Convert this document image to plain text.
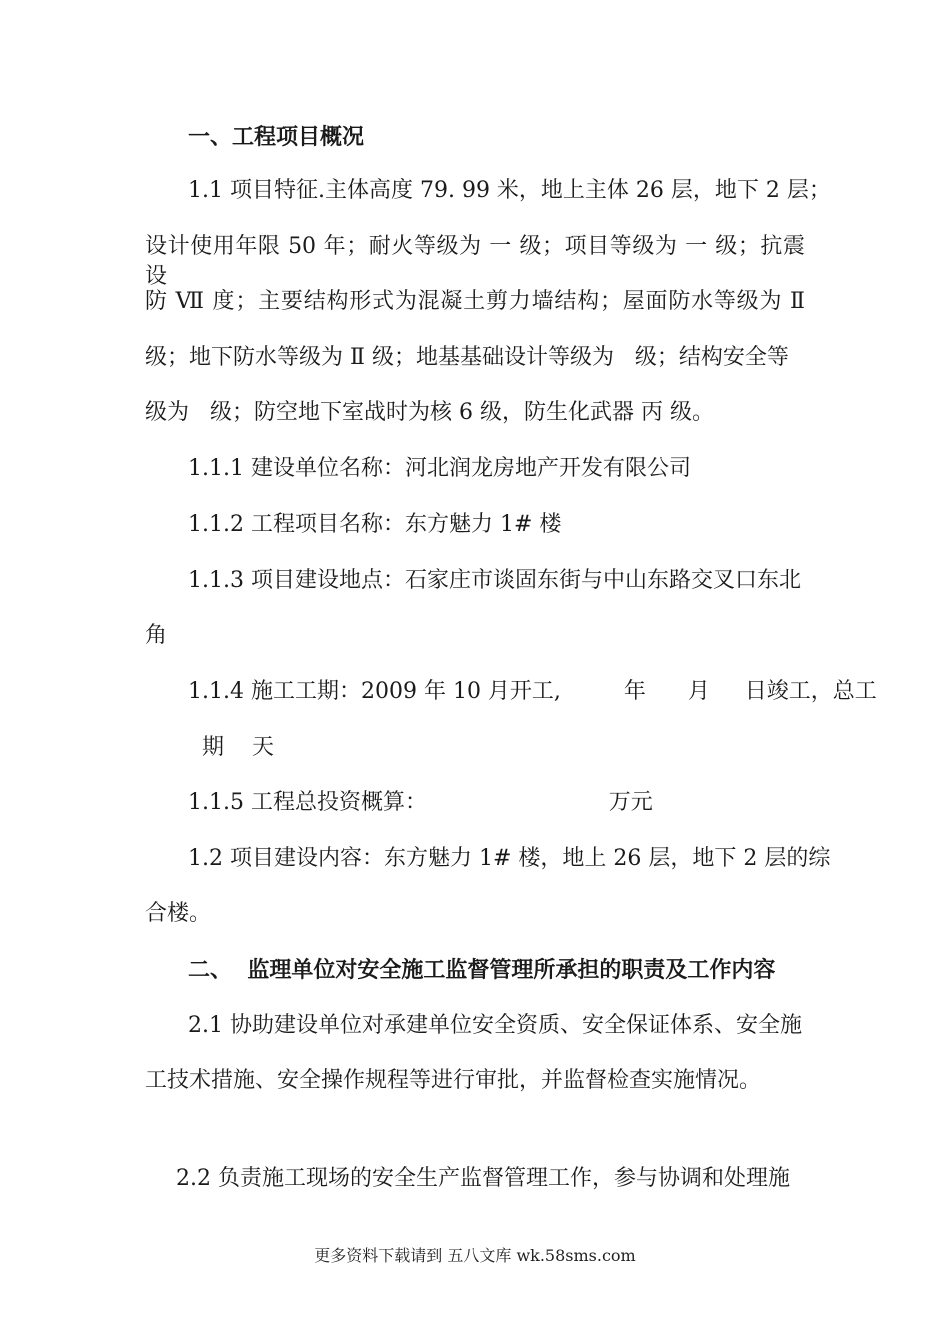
一、工程项目概况
1.1 项目特征.主体高度 79. 99 米，地上主体 26 层，地下 2 层；
设计使用年限 50 年；耐火等级为 一 级；项目等级为 一 级；抗震设
防 Ⅶ 度；主要结构形式为混凝土剪力墙结构；屋面防水等级为 Ⅱ
级；地下防水等级为 Ⅱ 级；地基基础设计等级为   级；结构安全等
级为   级；防空地下室战时为核 6 级，防生化武器 丙 级。
1.1.1 建设单位名称：河北润龙房地产开发有限公司
1.1.2 工程项目名称：东方魅力 1# 楼
1.1.3 项目建设地点：石家庄市谈固东街与中山东路交叉口东北
角
1.1.4 施工工期：2009 年 10 月开工,         年      月     日竣工，总工
期    天
1.1.5 工程总投资概算：                          万元
1.2 项目建设内容：东方魅力 1# 楼，地上 26 层，地下 2 层的综
合楼。
二、  监理单位对安全施工监督管理所承担的职责及工作内容
2.1 协助建设单位对承建单位安全资质、安全保证体系、安全施
工技术措施、安全操作规程等进行审批，并监督检查实施情况。
2.2 负责施工现场的安全生产监督管理工作，参与协调和处理施
更多资料下载请到 五八文库 wk.58sms.com
